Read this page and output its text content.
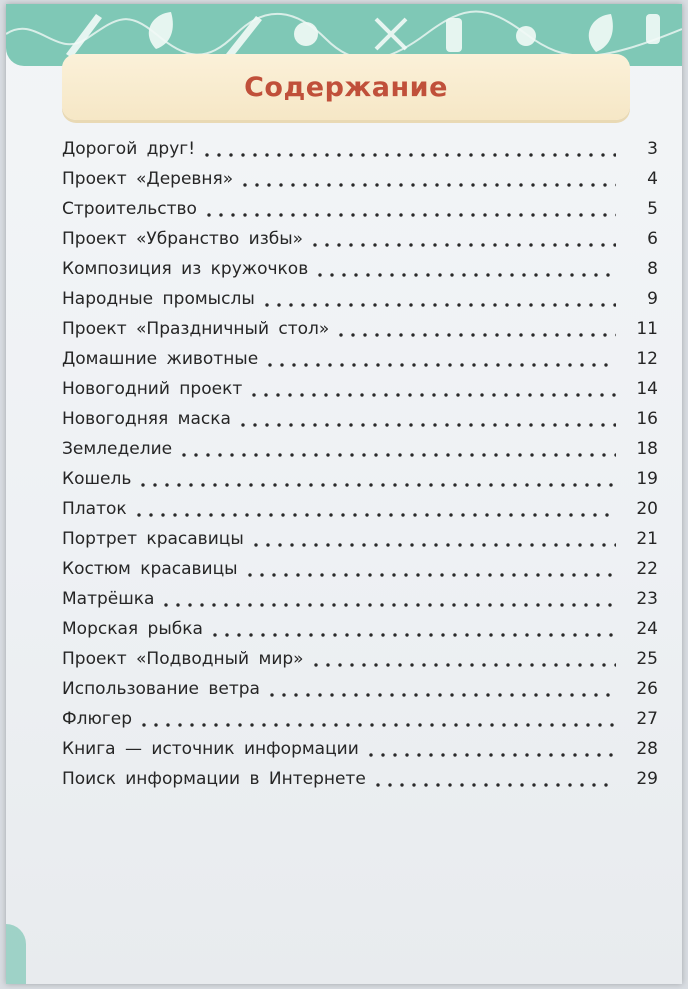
Содержание
Дорогой друг!	3
Проект «Деревня»	4
Строительство	5
Проект «Убранство избы»	6
Композиция из кружочков	8
Народные промыслы	9
Проект «Праздничный стол»	11
Домашние животные	12
Новогодний проект	14
Новогодняя маска	16
Земледелие	18
Кошель	19
Платок	20
Портрет красавицы	21
Костюм красавицы	22
Матрёшка	23
Морская рыбка	24
Проект «Подводный мир»	25
Использование ветра	26
Флюгер	27
Книга — источник информации	28
Поиск информации в Интернете	29
